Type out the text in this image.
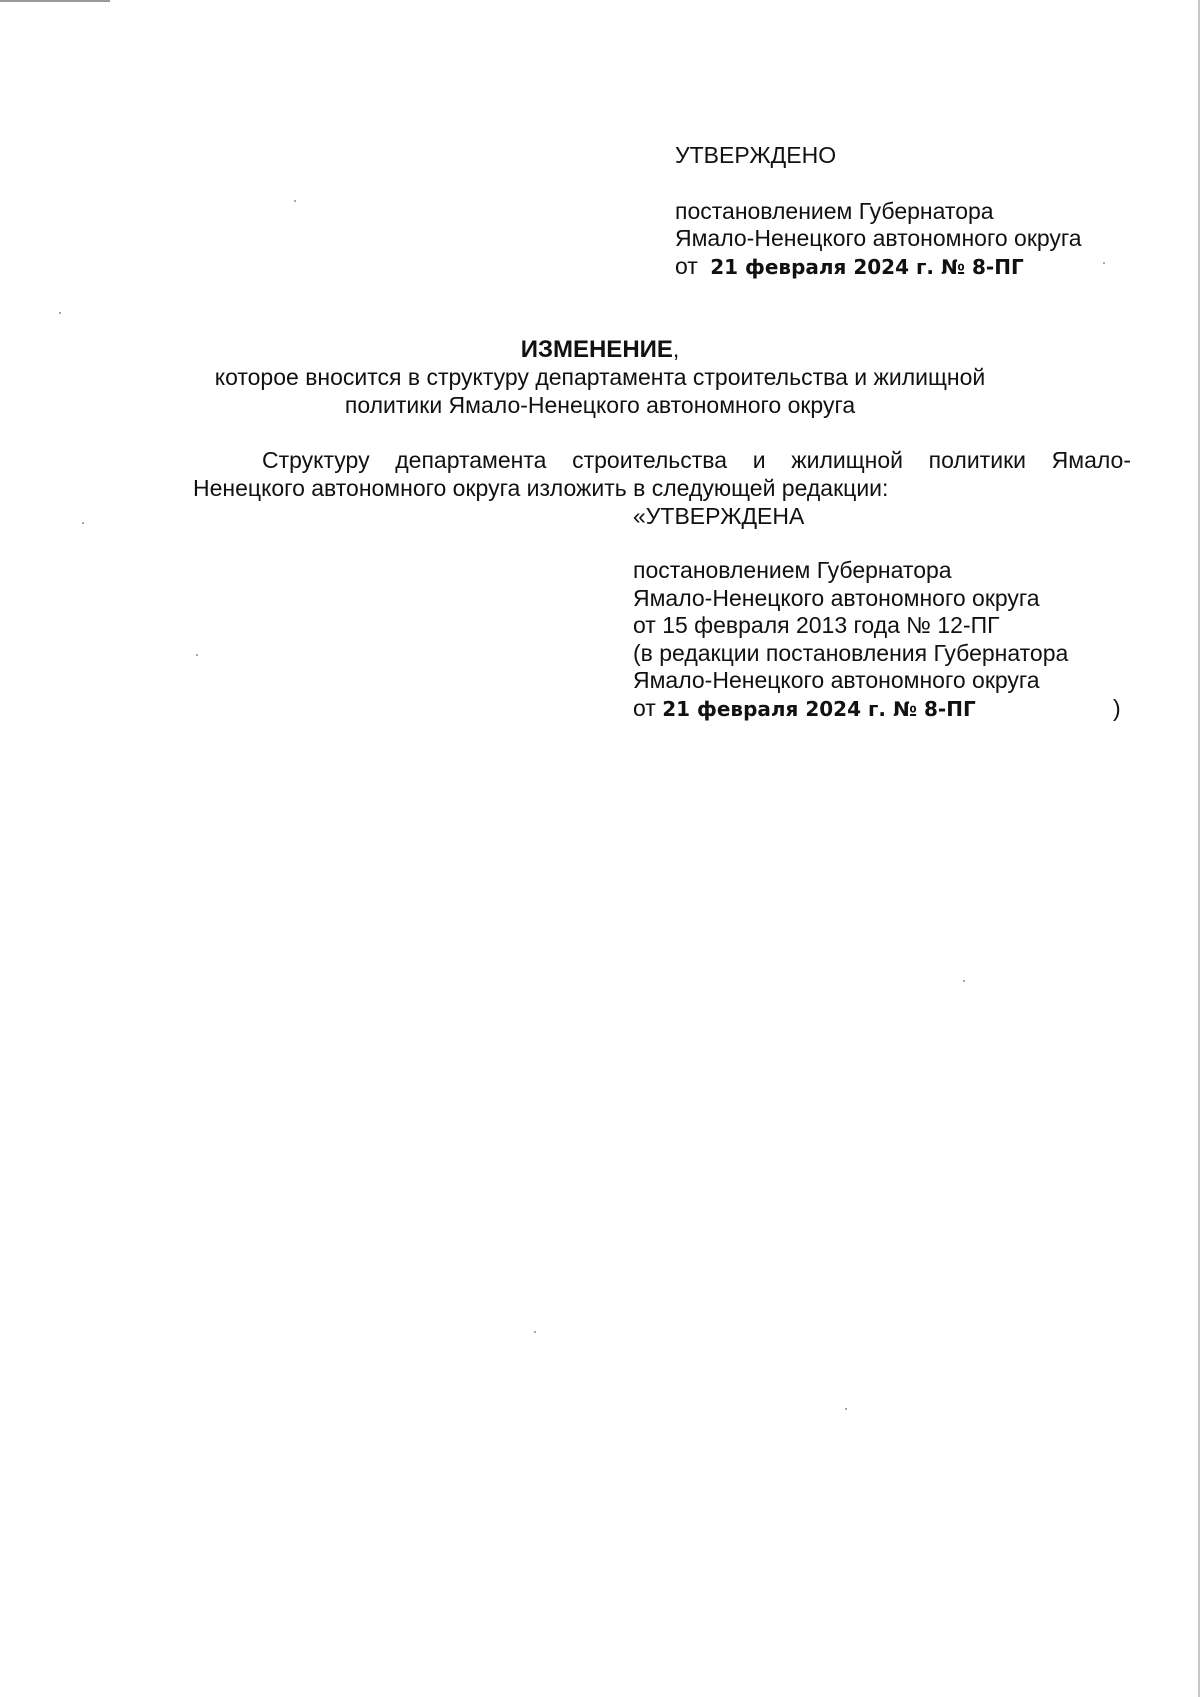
УТВЕРЖДЕНО
постановлением Губернатора
Ямало-Ненецкого автономного округа
от 21 февраля 2024 г. № 8-ПГ
ИЗМЕНЕНИЕ,
которое вносится в структуру департамента строительства и жилищной
политики Ямало-Ненецкого автономного округа
Структуру департамента строительства и жилищной политики Ямало-
Ненецкого автономного округа изложить в следующей редакции:
«УТВЕРЖДЕНА
постановлением Губернатора
Ямало-Ненецкого автономного округа
от 15 февраля 2013 года № 12-ПГ
(в редакции постановления Губернатора
Ямало-Ненецкого автономного округа
от 21 февраля 2024 г. № 8-ПГ	)
